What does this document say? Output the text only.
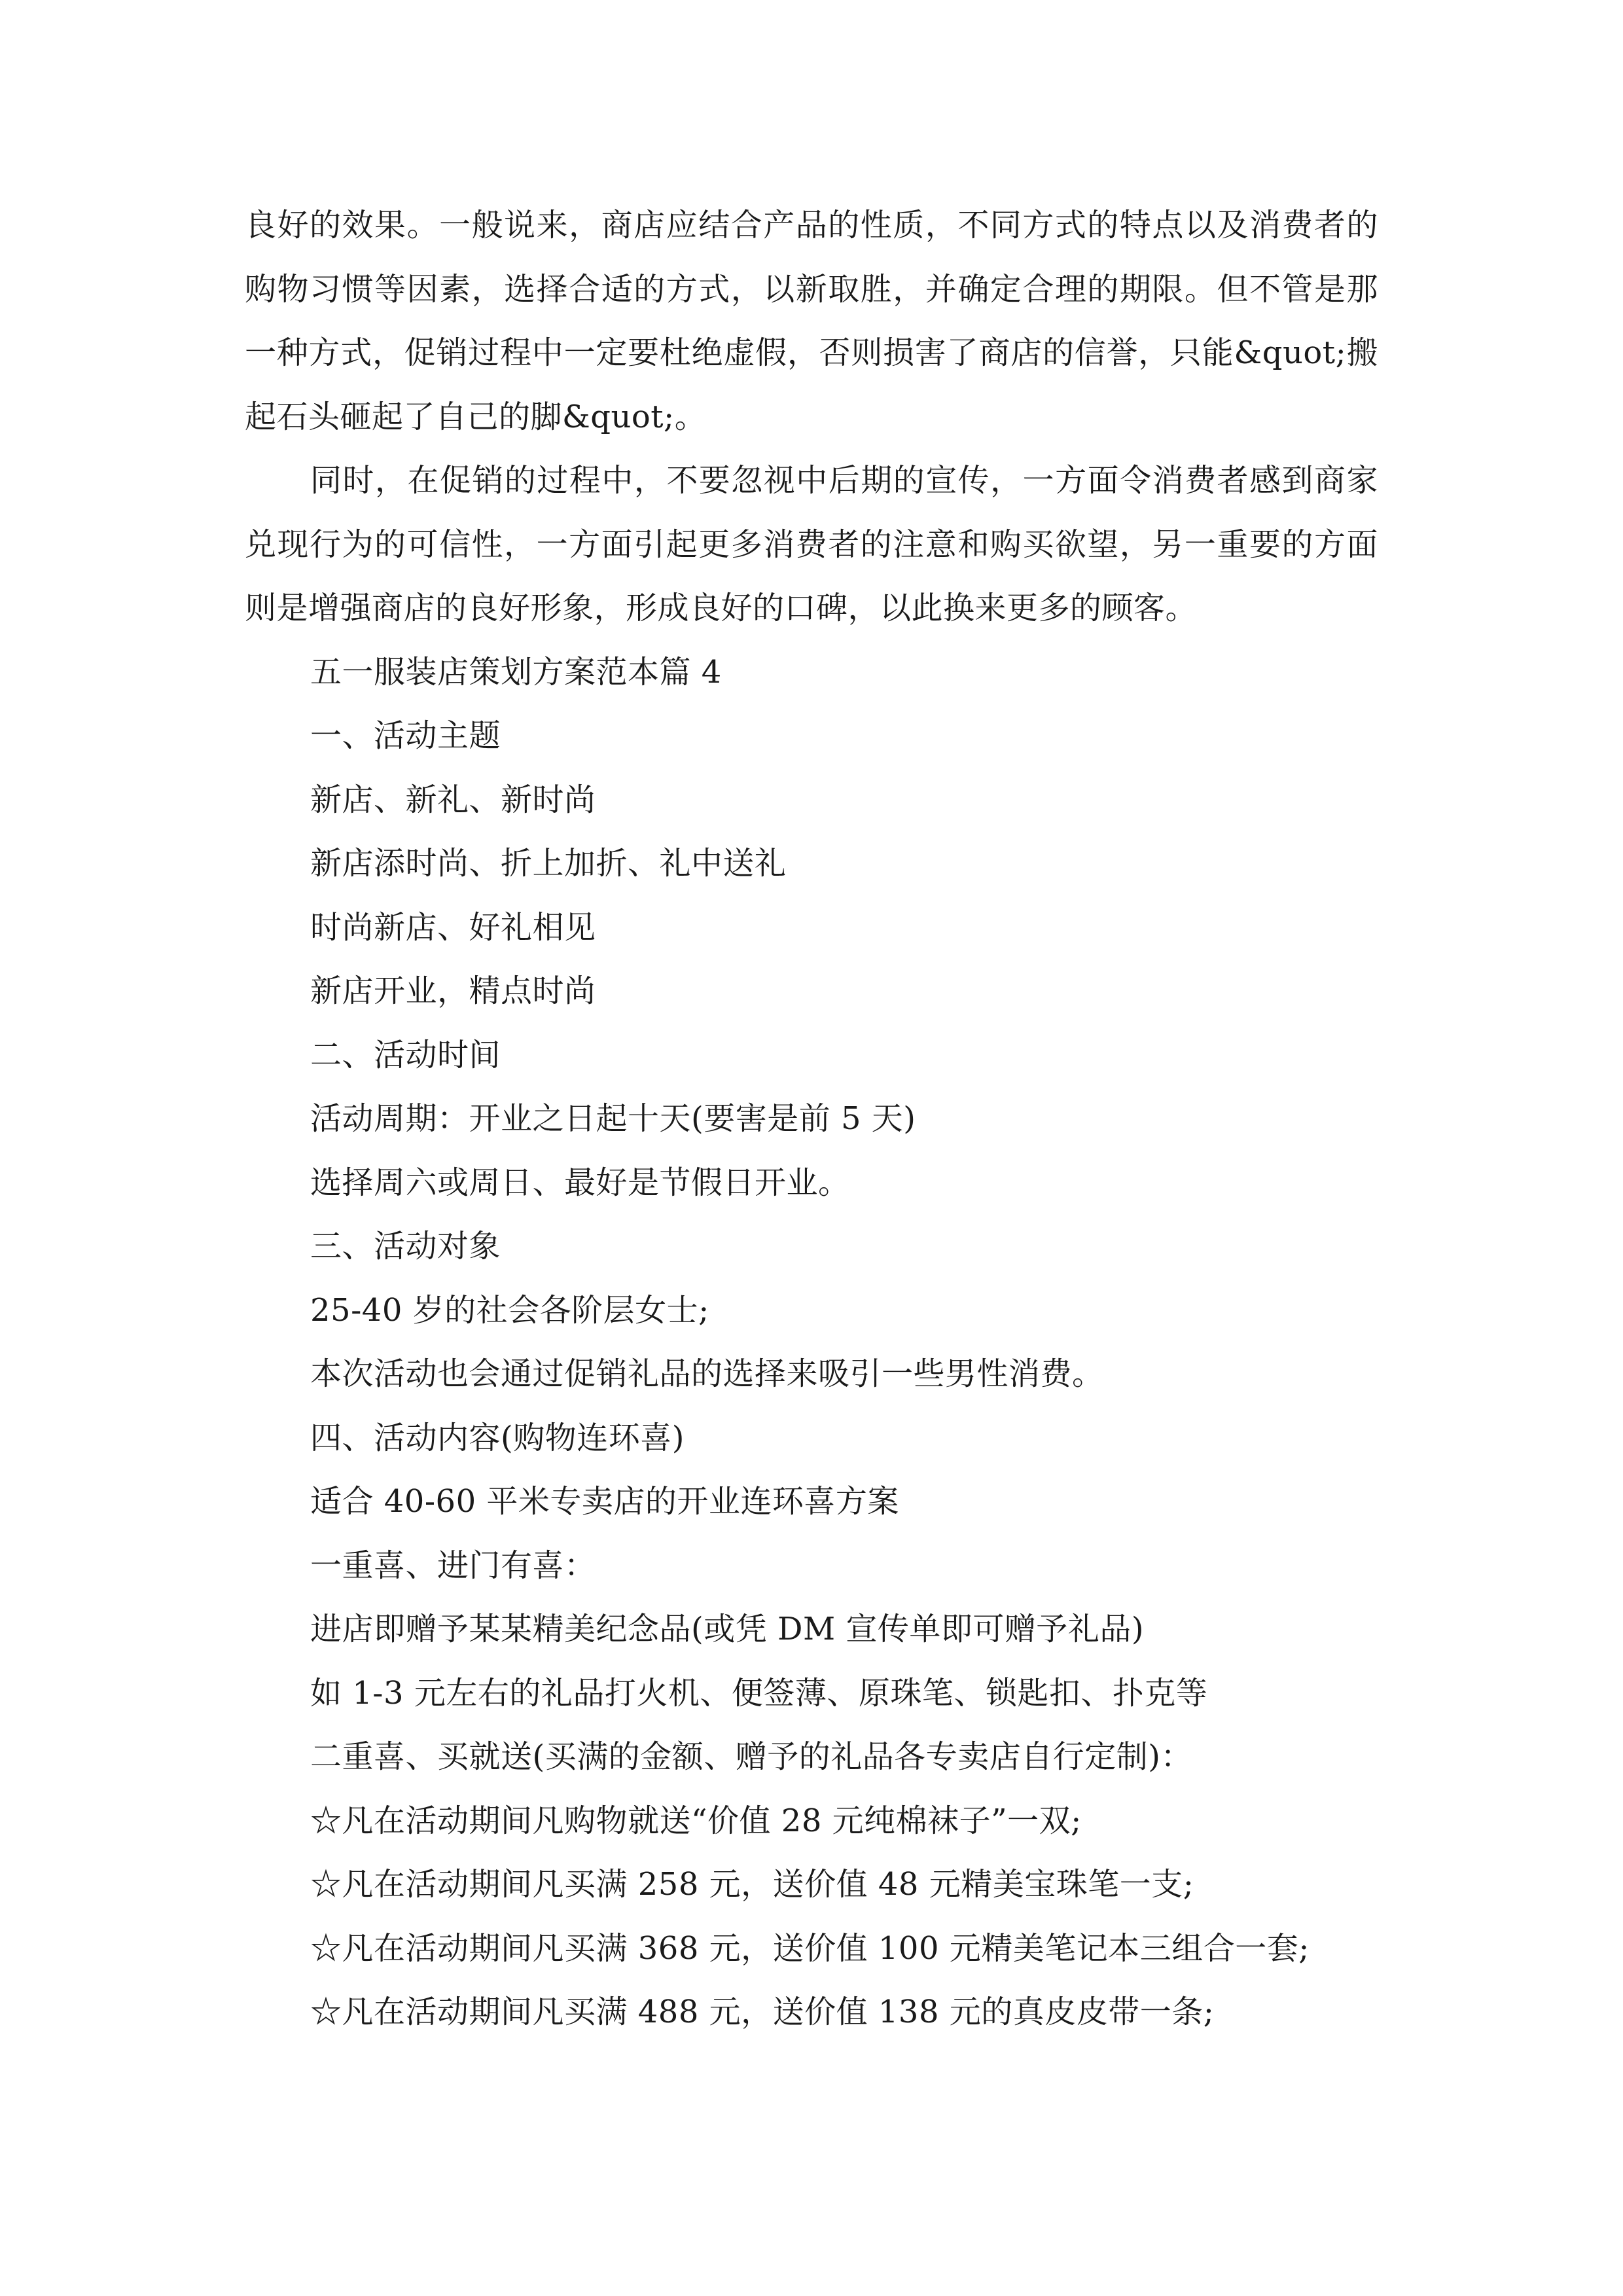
良好的效果。一般说来，商店应结合产品的性质，不同方式的特点以及消费者的

购物习惯等因素，选择合适的方式，以新取胜，并确定合理的期限。但不管是那

一种方式，促销过程中一定要杜绝虚假，否则损害了商店的信誉，只能&quot;搬

起石头砸起了自己的脚&quot;。

同时，在促销的过程中，不要忽视中后期的宣传，一方面令消费者感到商家

兑现行为的可信性，一方面引起更多消费者的注意和购买欲望，另一重要的方面

则是增强商店的良好形象，形成良好的口碑，以此换来更多的顾客。

五一服装店策划方案范本篇 4

一、活动主题

新店、新礼、新时尚

新店添时尚、折上加折、礼中送礼

时尚新店、好礼相见

新店开业，精点时尚

二、活动时间

活动周期：开业之日起十天(要害是前 5 天)

选择周六或周日、最好是节假日开业。

三、活动对象

25-40 岁的社会各阶层女士;

本次活动也会通过促销礼品的选择来吸引一些男性消费。

四、活动内容(购物连环喜)

适合 40-60 平米专卖店的开业连环喜方案

一重喜、进门有喜：

进店即赠予某某精美纪念品(或凭 DM 宣传单即可赠予礼品)

如 1-3 元左右的礼品打火机、便签薄、原珠笔、锁匙扣、扑克等

二重喜、买就送(买满的金额、赠予的礼品各专卖店自行定制)：

☆凡在活动期间凡购物就送“价值 28 元纯棉袜子”一双;

☆凡在活动期间凡买满 258 元，送价值 48 元精美宝珠笔一支;

☆凡在活动期间凡买满 368 元，送价值 100 元精美笔记本三组合一套;

☆凡在活动期间凡买满 488 元，送价值 138 元的真皮皮带一条;
